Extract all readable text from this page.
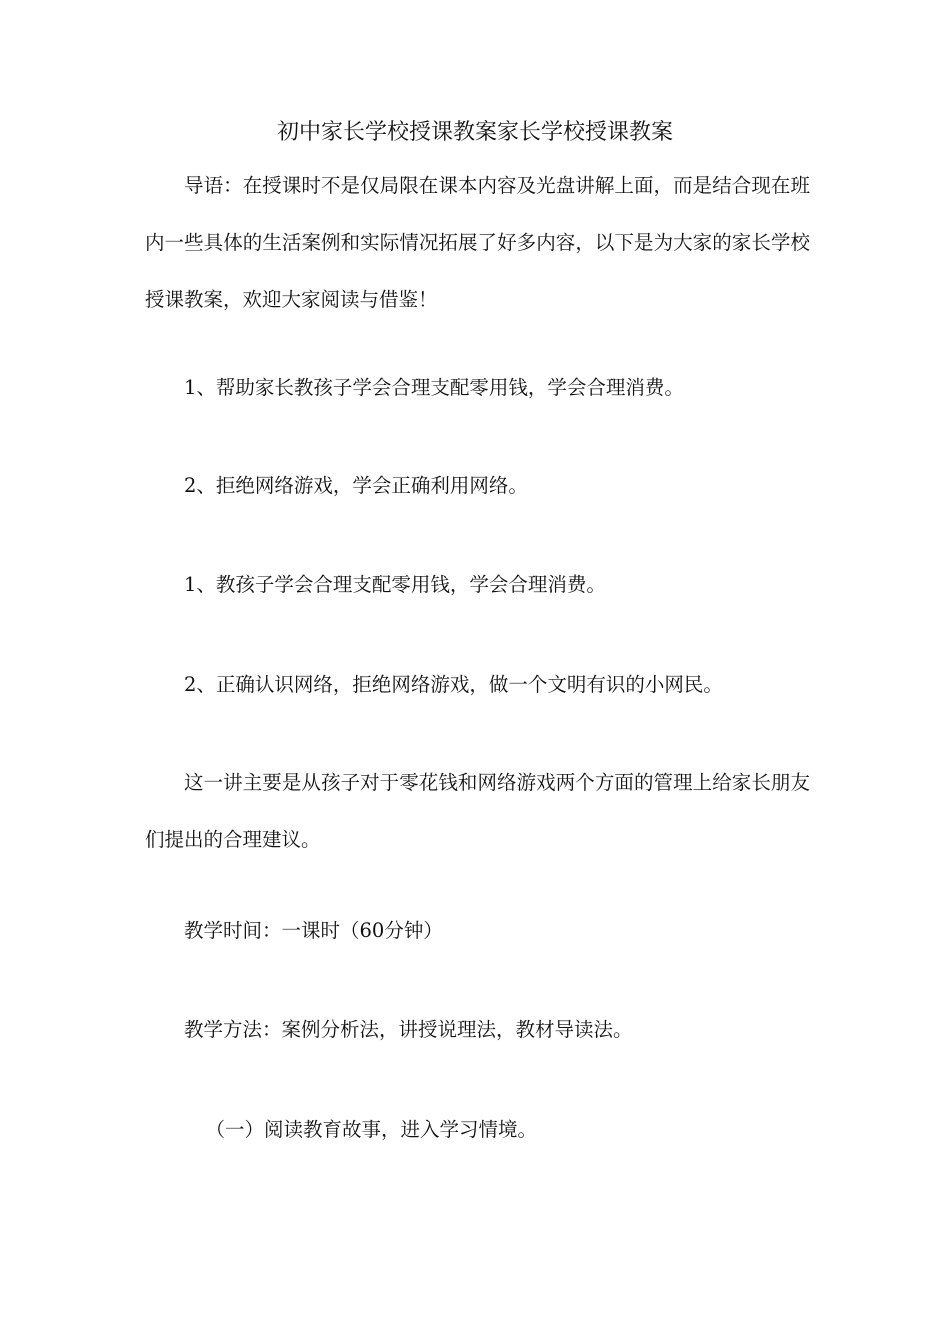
初中家长学校授课教案家长学校授课教案

导语：在授课时不是仅局限在课本内容及光盘讲解上面，而是结合现在班内一些具体的生活案例和实际情况拓展了好多内容，以下是为大家的家长学校授课教案，欢迎大家阅读与借鉴！

1、帮助家长教孩子学会合理支配零用钱，学会合理消费。

2、拒绝网络游戏，学会正确利用网络。

1、教孩子学会合理支配零用钱，学会合理消费。

2、正确认识网络，拒绝网络游戏，做一个文明有识的小网民。

这一讲主要是从孩子对于零花钱和网络游戏两个方面的管理上给家长朋友们提出的合理建议。

教学时间：一课时（60分钟）

教学方法：案例分析法，讲授说理法，教材导读法。

（一）阅读教育故事，进入学习情境。
